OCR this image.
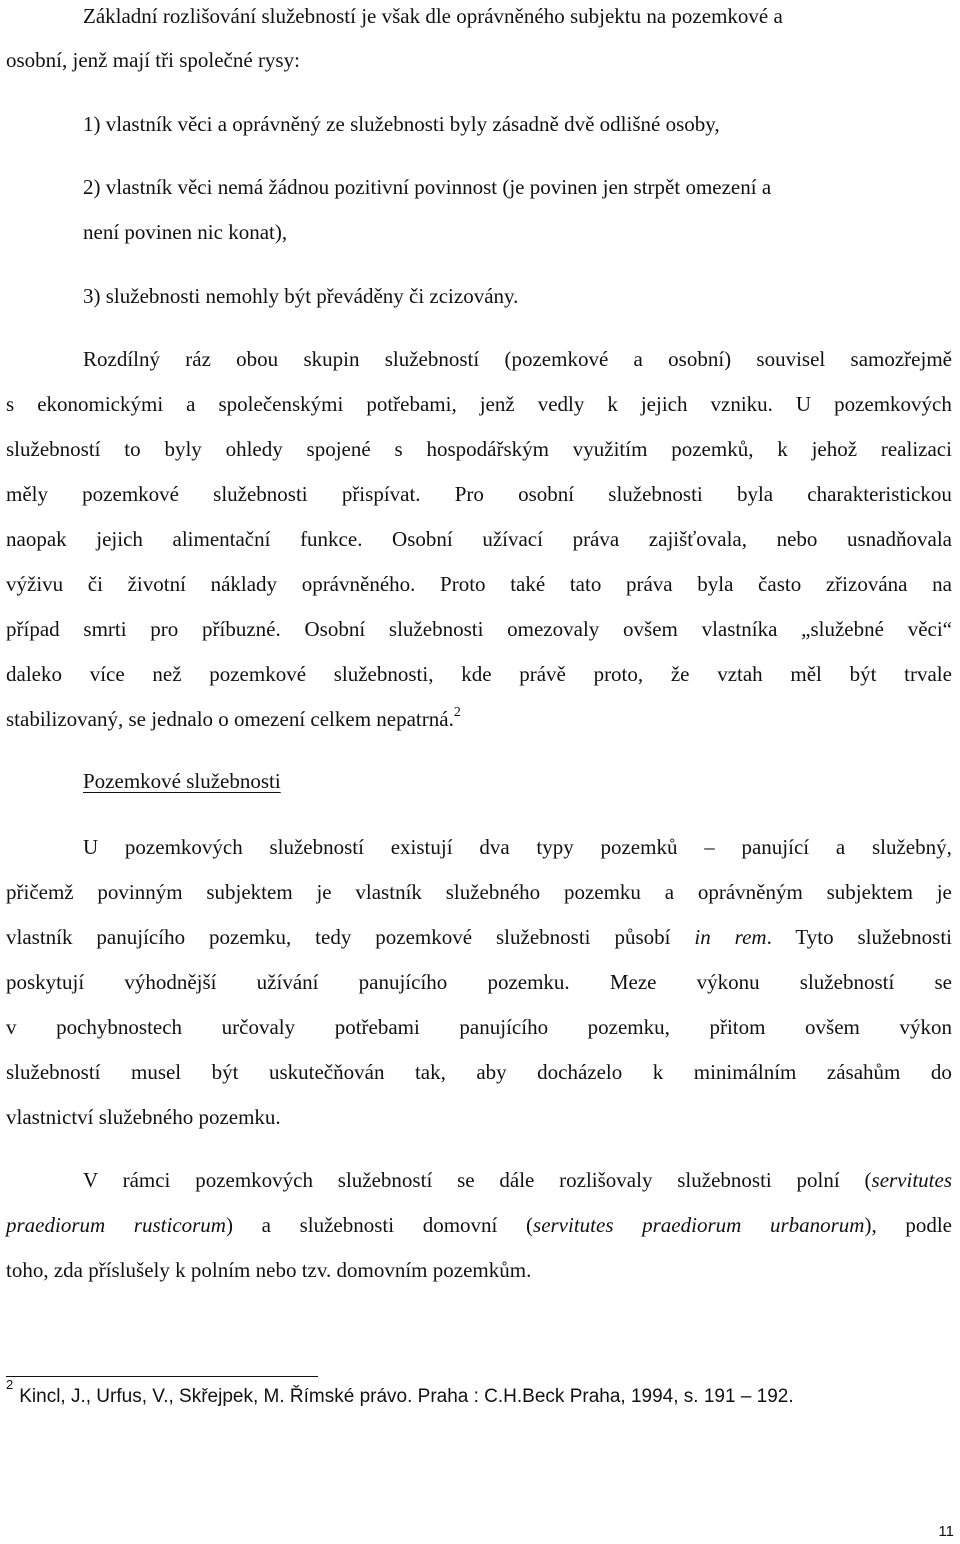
Základní rozlišování služebností je však dle oprávněného subjektu na pozemkové a
osobní, jenž mají tři společné rysy:
1) vlastník věci a oprávněný ze služebnosti byly zásadně dvě odlišné osoby,
2) vlastník věci nemá žádnou pozitivní povinnost (je povinen jen strpět omezení a
není povinen nic konat),
3) služebnosti nemohly být převáděny či zcizovány.
Rozdílný ráz obou skupin služebností (pozemkové a osobní) souvisel samozřejmě
s ekonomickými a společenskými potřebami, jenž vedly k jejich vzniku. U pozemkových
služebností to byly ohledy spojené s hospodářským využitím pozemků, k jehož realizaci
měly pozemkové služebnosti přispívat. Pro osobní služebnosti byla charakteristickou
naopak jejich alimentační funkce. Osobní užívací práva zajišťovala, nebo usnadňovala
výživu či životní náklady oprávněného. Proto také tato práva byla často zřizována na
případ smrti pro příbuzné. Osobní služebnosti omezovaly ovšem vlastníka „služebné věci“
daleko více než pozemkové služebnosti, kde právě proto, že vztah měl být trvale
stabilizovaný, se jednalo o omezení celkem nepatrná.$^2$
Pozemkové služebnosti
U pozemkových služebností existují dva typy pozemků – panující a služebný,
přičemž povinným subjektem je vlastník služebného pozemku a oprávněným subjektem je
vlastník panujícího pozemku, tedy pozemkové služebnosti působí in rem. Tyto služebnosti
poskytují výhodnější užívání panujícího pozemku. Meze výkonu služebností se
v pochybnostech určovaly potřebami panujícího pozemku, přitom ovšem výkon
služebností musel být uskutečňován tak, aby docházelo k minimálním zásahům do
vlastnictví služebného pozemku.
V rámci pozemkových služebností se dále rozlišovaly služebnosti polní (servitutes
praediorum rusticorum) a služebnosti domovní (servitutes praediorum urbanorum), podle
toho, zda příslušely k polním nebo tzv. domovním pozemkům.
$^2$Kincl, J., Urfus, V., Skřejpek, M. Římské právo. Praha : C.H.Beck Praha, 1994, s. 191 – 192.
11
